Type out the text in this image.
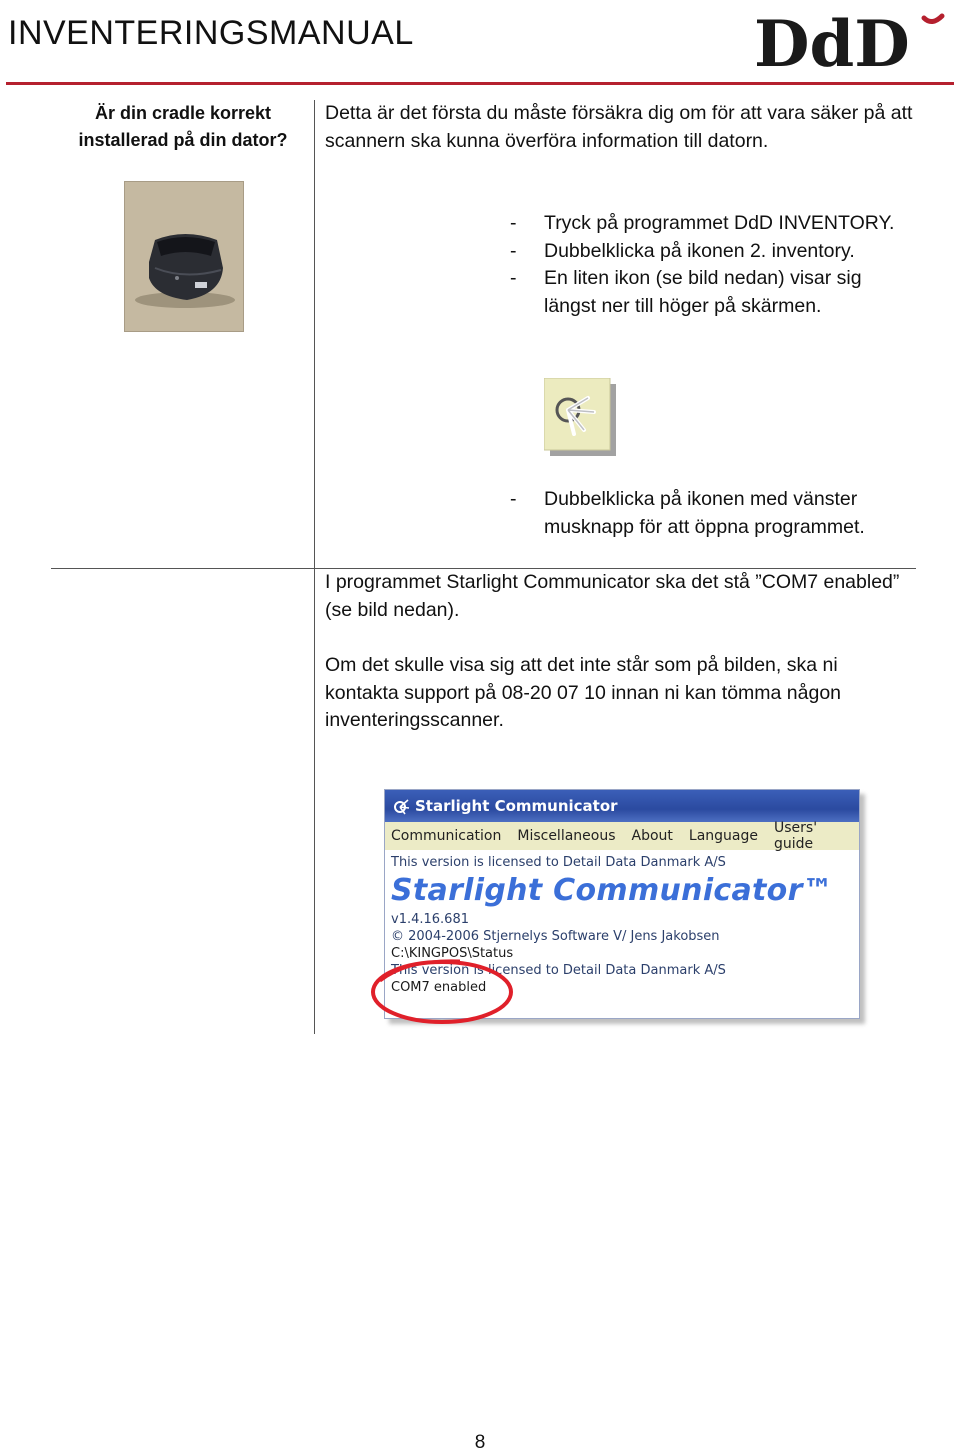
INVENTERINGSMANUAL	DdD
Är din cradle korrekt installerad på din dator?
Detta är det första du måste försäkra dig om för att vara säker på att scannern ska kunna överföra information till datorn.
- Tryck på programmet DdD INVENTORY.
- Dubbelklicka på ikonen 2. inventory.
- En liten ikon (se bild nedan) visar sig längst ner till höger på skärmen.
- Dubbelklicka på ikonen med vänster musknapp för att öppna programmet.
I programmet Starlight Communicator ska det stå ”COM7 enabled” (se bild nedan).
Om det skulle visa sig att det inte står som på bilden, ska ni kontakta support på 08-20 07 10 innan ni kan tömma någon inventeringsscanner.
Starlight Communicator
Communication Miscellaneous About Language Users' guide
This version is licensed to Detail Data Danmark A/S
Starlight Communicator™
v1.4.16.681
© 2004-2006 Stjernelys Software V/ Jens Jakobsen
C:\KINGPOS\Status
This version is licensed to Detail Data Danmark A/S
COM7 enabled
8
